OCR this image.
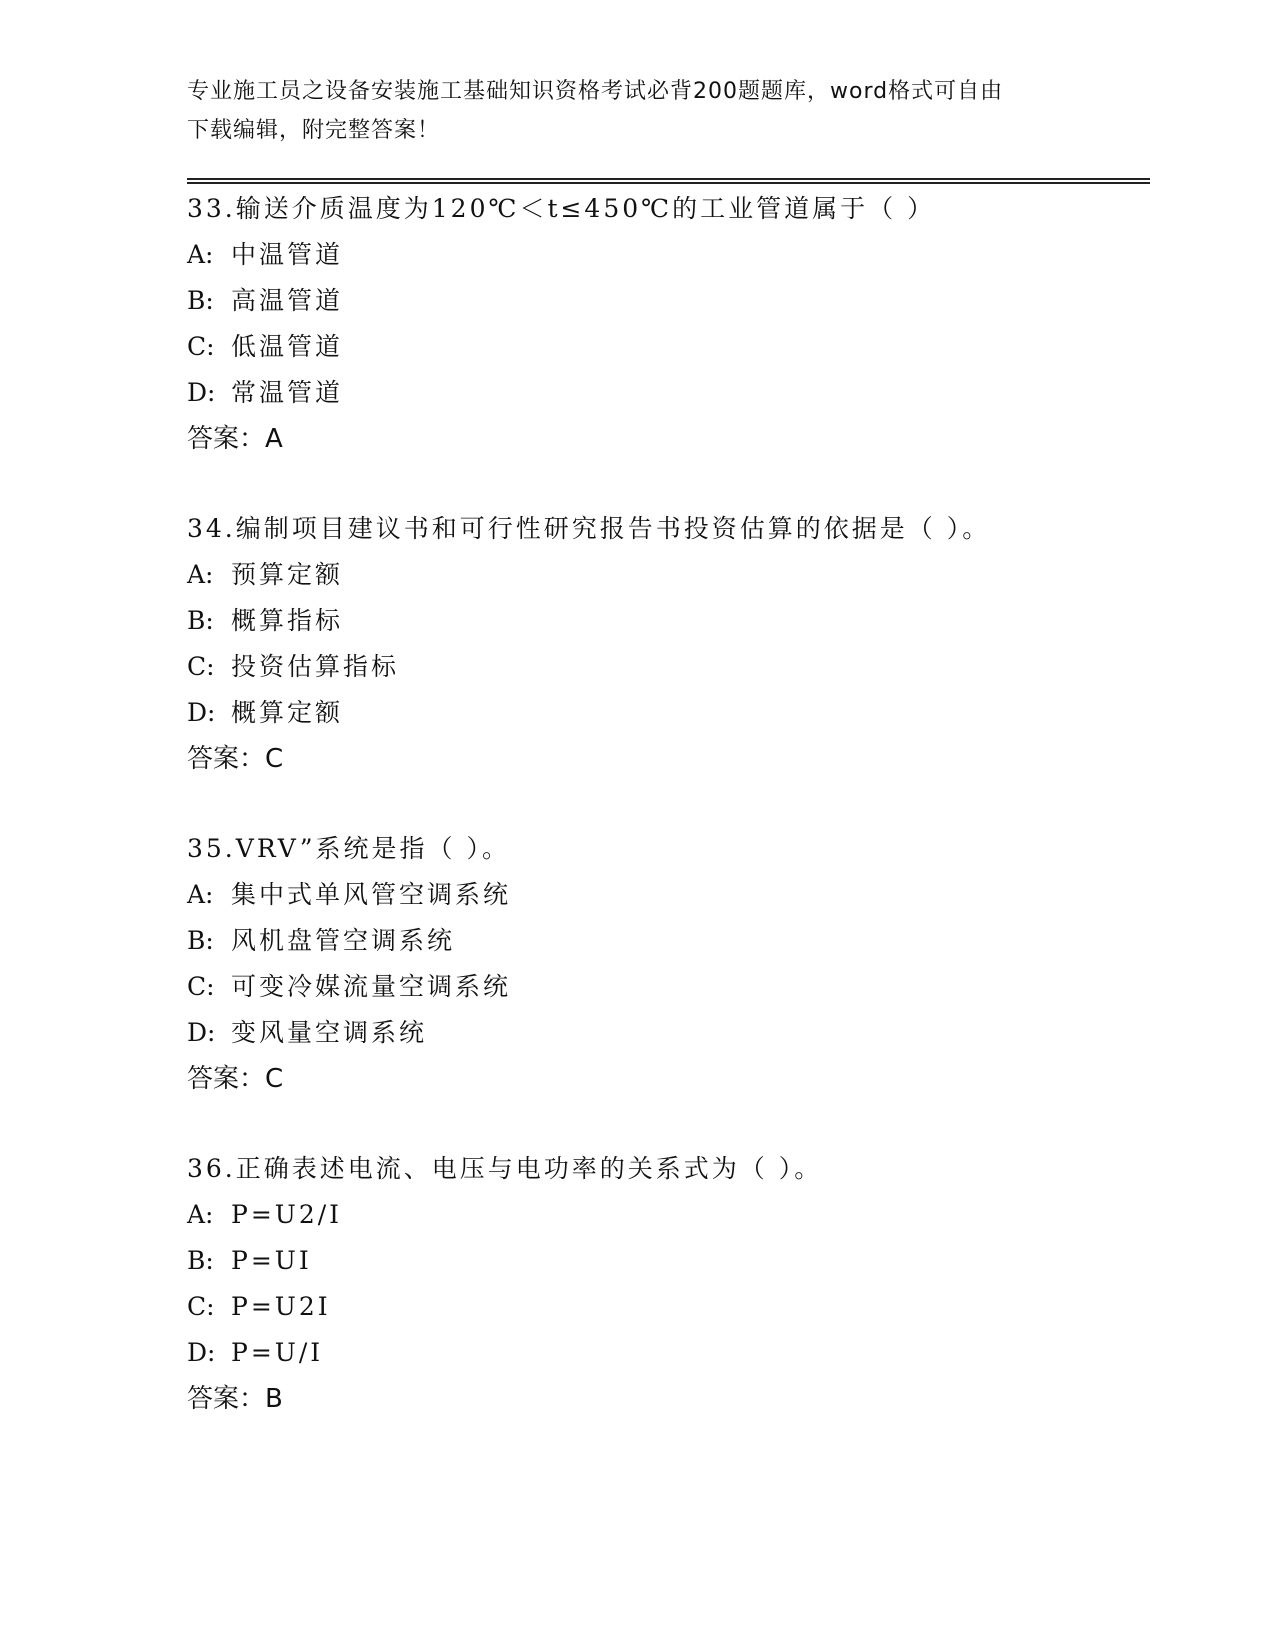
专业施工员之设备安装施工基础知识资格考试必背200题题库，word格式可自由
下载编辑，附完整答案！
33.输送介质温度为120℃＜t≤450℃的工业管道属于（ ）
A: 中温管道
B: 高温管道
C: 低温管道
D: 常温管道
答案：A
34.编制项目建议书和可行性研究报告书投资估算的依据是（ ）。
A: 预算定额
B: 概算指标
C: 投资估算指标
D: 概算定额
答案：C
35.VRV”系统是指（ ）。
A: 集中式单风管空调系统
B: 风机盘管空调系统
C: 可变冷媒流量空调系统
D: 变风量空调系统
答案：C
36.正确表述电流、电压与电功率的关系式为（ ）。
A: P=U2/I
B: P=UI
C: P=U2I
D: P=U/I
答案：B
